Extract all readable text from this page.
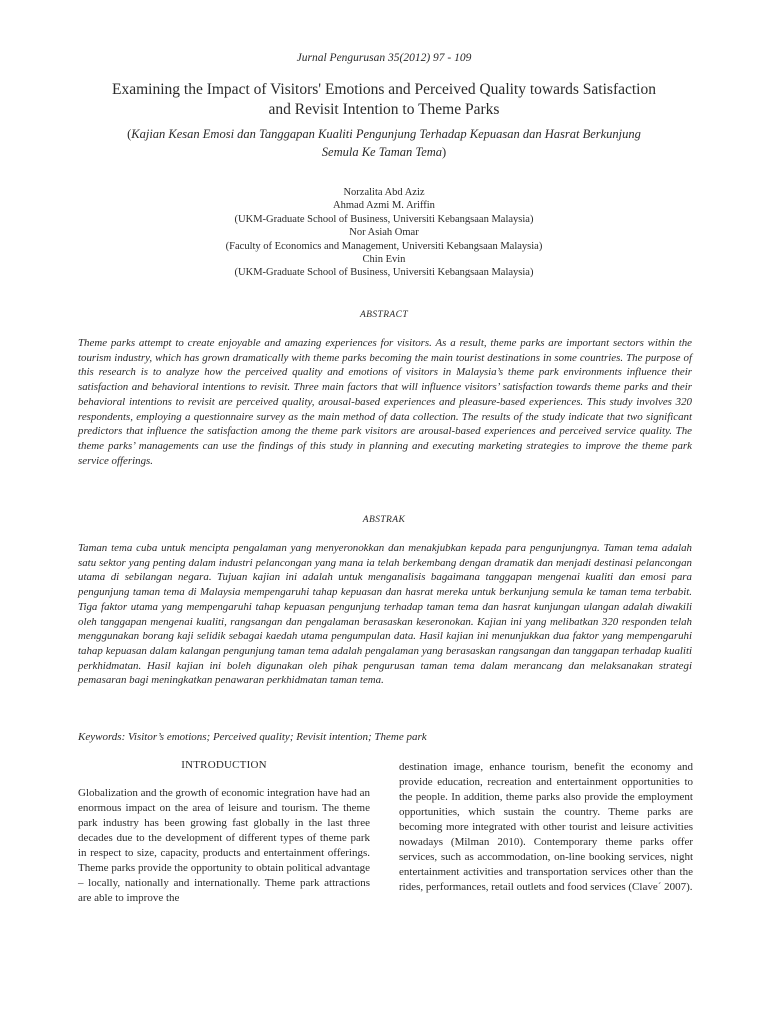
Jurnal Pengurusan 35(2012) 97 - 109
Examining the Impact of Visitors' Emotions and Perceived Quality towards Satisfaction
and Revisit Intention to Theme Parks
(Kajian Kesan Emosi dan Tanggapan Kualiti Pengunjung Terhadap Kepuasan dan Hasrat Berkunjung
Semula Ke Taman Tema)
Norzalita Abd Aziz
Ahmad Azmi M. Ariffin
(UKM-Graduate School of Business, Universiti Kebangsaan Malaysia)
Nor Asiah Omar
(Faculty of Economics and Management, Universiti Kebangsaan Malaysia)
Chin Evin
(UKM-Graduate School of Business, Universiti Kebangsaan Malaysia)
ABSTRACT
Theme parks attempt to create enjoyable and amazing experiences for visitors. As a result, theme parks are important sectors within the tourism industry, which has grown dramatically with theme parks becoming the main tourist destinations in some countries. The purpose of this research is to analyze how the perceived quality and emotions of visitors in Malaysia’s theme park environments influence their satisfaction and behavioral intentions to revisit. Three main factors that will influence visitors’ satisfaction towards theme parks and their behavioral intentions to revisit are perceived quality, arousal-based experiences and pleasure-based experiences. This study involves 320 respondents, employing a questionnaire survey as the main method of data collection. The results of the study indicate that two significant predictors that influence the satisfaction among the theme park visitors are arousal-based experiences and perceived service quality. The theme parks’ managements can use the findings of this study in planning and executing marketing strategies to improve the theme park service offerings.
ABSTRAK
Taman tema cuba untuk mencipta pengalaman yang menyeronokkan dan menakjubkan kepada para pengunjungnya. Taman tema adalah satu sektor yang penting dalam industri pelancongan yang mana ia telah berkembang dengan dramatik dan menjadi destinasi pelancongan utama di sebilangan negara. Tujuan kajian ini adalah untuk menganalisis bagaimana tanggapan mengenai kualiti dan emosi para pengunjung taman tema di Malaysia mempengaruhi tahap kepuasan dan hasrat mereka untuk berkunjung semula ke taman tema terbabit. Tiga faktor utama yang mempengaruhi tahap kepuasan pengunjung terhadap taman tema dan hasrat kunjungan ulangan adalah diwakili oleh tanggapan mengenai kualiti, rangsangan dan pengalaman berasaskan keseronokan. Kajian ini yang melibatkan 320 responden telah menggunakan borang kaji selidik sebagai kaedah utama pengumpulan data. Hasil kajian ini menunjukkan dua faktor yang mempengaruhi tahap kepuasan dalam kalangan pengunjung taman tema adalah pengalaman yang berasaskan rangsangan dan tanggapan terhadap kualiti perkhidmatan. Hasil kajian ini boleh digunakan oleh pihak pengurusan taman tema dalam merancang dan melaksanakan strategi pemasaran bagi meningkatkan penawaran perkhidmatan taman tema.
Keywords: Visitor’s emotions; Perceived quality; Revisit intention; Theme park
INTRODUCTION
Globalization and the growth of economic integration have had an enormous impact on the area of leisure and tourism. The theme park industry has been growing fast globally in the last three decades due to the development of different types of theme park in respect to size, capacity, products and entertainment offerings. Theme parks provide the opportunity to obtain political advantage – locally, nationally and internationally. Theme park attractions are able to improve the
destination image, enhance tourism, benefit the economy and provide education, recreation and entertainment opportunities to the people. In addition, theme parks also provide the employment opportunities, which sustain the country. Theme parks are becoming more integrated with other tourist and leisure activities nowadays (Milman 2010). Contemporary theme parks offer services, such as accommodation, on-line booking services, night entertainment activities and transportation services other than the rides, performances, retail outlets and food services (Clave´ 2007).
